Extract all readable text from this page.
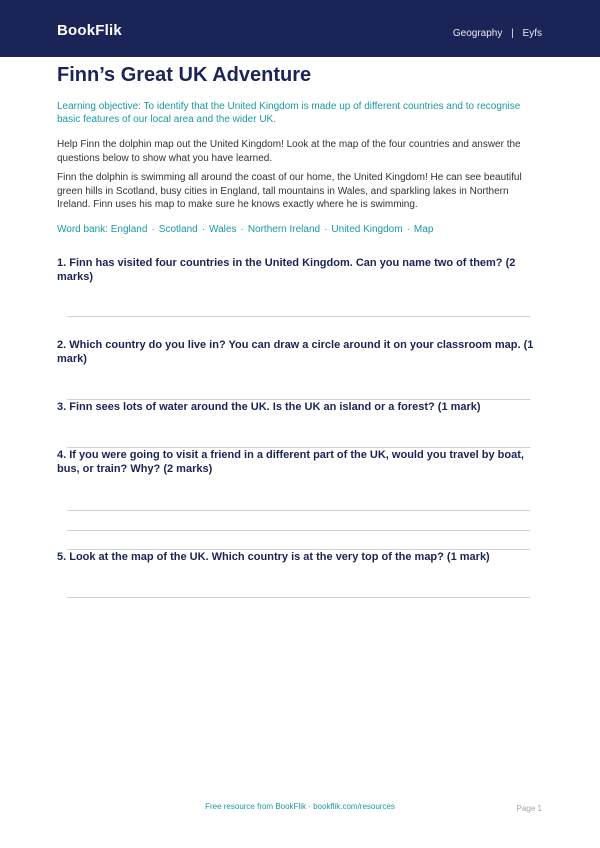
BookFlik	Geography | Eyfs
Finn’s Great UK Adventure
Learning objective: To identify that the United Kingdom is made up of different countries and to recognise basic features of our local area and the wider UK.
Help Finn the dolphin map out the United Kingdom! Look at the map of the four countries and answer the questions below to show what you have learned.
Finn the dolphin is swimming all around the coast of our home, the United Kingdom! He can see beautiful green hills in Scotland, busy cities in England, tall mountains in Wales, and sparkling lakes in Northern Ireland. Finn uses his map to make sure he knows exactly where he is swimming.
Word bank: England · Scotland · Wales · Northern Ireland · United Kingdom · Map
1. Finn has visited four countries in the United Kingdom. Can you name two of them? (2 marks)
2. Which country do you live in? You can draw a circle around it on your classroom map. (1 mark)
3. Finn sees lots of water around the UK. Is the UK an island or a forest? (1 mark)
4. If you were going to visit a friend in a different part of the UK, would you travel by boat, bus, or train? Why? (2 marks)
5. Look at the map of the UK. Which country is at the very top of the map? (1 mark)
Free resource from BookFlik · bookflik.com/resources	Page 1
